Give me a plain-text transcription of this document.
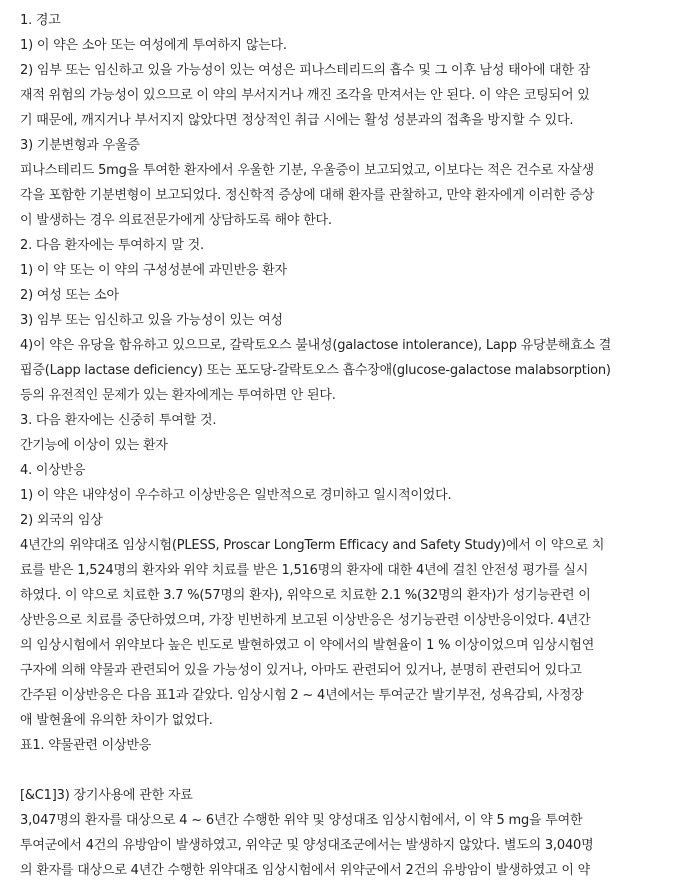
1. 경고
1) 이 약은 소아 또는 여성에게 투여하지 않는다.
2) 임부 또는 임신하고 있을 가능성이 있는 여성은 피나스테리드의 흡수 및 그 이후 남성 태아에 대한 잠
재적 위험의 가능성이 있으므로 이 약의 부서지거나 깨진 조각을 만져서는 안 된다. 이 약은 코팅되어 있
기 때문에, 깨지거나 부서지지 않았다면 정상적인 취급 시에는 활성 성분과의 접촉을 방지할 수 있다.
3) 기분변형과 우울증
피나스테리드 5mg을 투여한 환자에서 우울한 기분, 우울증이 보고되었고, 이보다는 적은 건수로 자살생
각을 포함한 기분변형이 보고되었다. 정신학적 증상에 대해 환자를 관찰하고, 만약 환자에게 이러한 증상
이 발생하는 경우 의료전문가에게 상담하도록 해야 한다.
2. 다음 환자에는 투여하지 말 것.
1) 이 약 또는 이 약의 구성성분에 과민반응 환자
2) 여성 또는 소아
3) 임부 또는 임신하고 있을 가능성이 있는 여성
4)이 약은 유당을 함유하고 있으므로, 갈락토오스 불내성(galactose intolerance), Lapp 유당분해효소 결
핍증(Lapp lactase deficiency) 또는 포도당-갈락토오스 흡수장애(glucose-galactose malabsorption)
등의 유전적인 문제가 있는 환자에게는 투여하면 안 된다.
3. 다음 환자에는 신중히 투여할 것.
간기능에 이상이 있는 환자
4. 이상반응
1) 이 약은 내약성이 우수하고 이상반응은 일반적으로 경미하고 일시적이었다.
2) 외국의 임상
4년간의 위약대조 임상시험(PLESS, Proscar LongTerm Efficacy and Safety Study)에서 이 약으로 치
료를 받은 1,524명의 환자와 위약 치료를 받은 1,516명의 환자에 대한 4년에 걸친 안전성 평가를 실시
하였다. 이 약으로 치료한 3.7 %(57명의 환자), 위약으로 치료한 2.1 %(32명의 환자)가 성기능관련 이
상반응으로 치료를 중단하였으며, 가장 빈번하게 보고된 이상반응은 성기능관련 이상반응이었다. 4년간
의 임상시험에서 위약보다 높은 빈도로 발현하였고 이 약에서의 발현율이 1 % 이상이었으며 임상시험연
구자에 의해 약물과 관련되어 있을 가능성이 있거나, 아마도 관련되어 있거나, 분명히 관련되어 있다고
간주된 이상반응은 다음 표1과 같았다. 임상시험 2 ~ 4년에서는 투여군간 발기부전, 성욕감퇴, 사정장
애 발현율에 유의한 차이가 없었다.
표1. 약물관련 이상반응
[&C1]3) 장기사용에 관한 자료
3,047명의 환자를 대상으로 4 ~ 6년간 수행한 위약 및 양성대조 임상시험에서, 이 약 5 mg을 투여한
투여군에서 4건의 유방암이 발생하였고, 위약군 및 양성대조군에서는 발생하지 않았다. 별도의 3,040명
의 환자를 대상으로 4년간 수행한 위약대조 임상시험에서 위약군에서 2건의 유방암이 발생하였고 이 약
